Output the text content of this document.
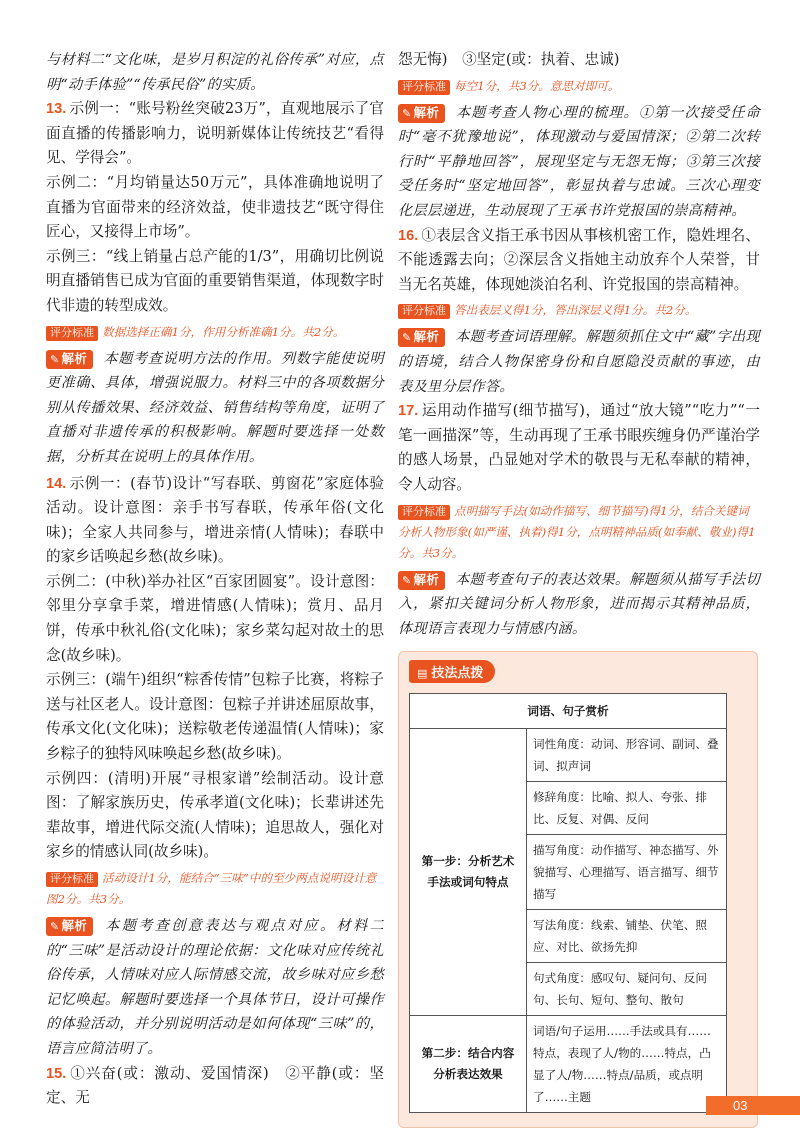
与材料二“文化味，是岁月积淀的礼俗传承”对应，点明“动手体验”“传承民俗”的实质。

13. 示例一：“账号粉丝突破23万”，直观地展示了官面直播的传播影响力，说明新媒体让传统技艺“看得见、学得会”。

示例二：“月均销量达50万元”，具体准确地说明了直播为官面带来的经济效益，使非遗技艺“既守得住匠心，又接得上市场”。

示例三：“线上销量占总产能的1/3”，用确切比例说明直播销售已成为官面的重要销售渠道，体现数字时代非遗的转型成效。

评分标准 数据选择正确1分，作用分析准确1分。共2分。

✎ 解析 本题考查说明方法的作用。列数字能使说明更准确、具体，增强说服力。材料三中的各项数据分别从传播效果、经济效益、销售结构等角度，证明了直播对非遗传承的积极影响。解题时要选择一处数据，分析其在说明上的具体作用。

14. 示例一：(春节)设计“写春联、剪窗花”家庭体验活动。设计意图：亲手书写春联，传承年俗(文化味)；全家人共同参与，增进亲情(人情味)；春联中的家乡话唤起乡愁(故乡味)。

示例二：(中秋)举办社区“百家团圆宴”。设计意图：邻里分享拿手菜，增进情感(人情味)；赏月、品月饼，传承中秋礼俗(文化味)；家乡菜勾起对故土的思念(故乡味)。

示例三：(端午)组织“粽香传情”包粽子比赛，将粽子送与社区老人。设计意图：包粽子并讲述屈原故事，传承文化(文化味)；送粽敬老传递温情(人情味)；家乡粽子的独特风味唤起乡愁(故乡味)。

示例四：(清明)开展“寻根家谱”绘制活动。设计意图：了解家族历史，传承孝道(文化味)；长辈讲述先辈故事，增进代际交流(人情味)；追思故人，强化对家乡的情感认同(故乡味)。

评分标准 活动设计1分，能结合“三味”中的至少两点说明设计意图2分。共3分。

✎ 解析 本题考查创意表达与观点对应。材料二的“三味”是活动设计的理论依据：文化味对应传统礼俗传承，人情味对应人际情感交流，故乡味对应乡愁记忆唤起。解题时要选择一个具体节日，设计可操作的体验活动，并分别说明活动是如何体现“三味”的，语言应简洁明了。

15. ①兴奋(或：激动、爱国情深)　②平静(或：坚定、无

怨无悔)　③坚定(或：执着、忠诚)

评分标准 每空1分，共3分。意思对即可。

✎ 解析 本题考查人物心理的梳理。①第一次接受任命时“毫不犹豫地说”，体现激动与爱国情深；②第二次转行时“平静地回答”，展现坚定与无怨无悔；③第三次接受任务时“坚定地回答”，彰显执着与忠诚。三次心理变化层层递进，生动展现了王承书许党报国的崇高精神。

16. ①表层含义指王承书因从事核机密工作，隐姓埋名、不能透露去向；②深层含义指她主动放弃个人荣誉，甘当无名英雄，体现她淡泊名利、许党报国的崇高精神。

评分标准 答出表层义得1分，答出深层义得1分。共2分。

✎ 解析 本题考查词语理解。解题须抓住文中“藏”字出现的语境，结合人物保密身份和自愿隐没贡献的事迹，由表及里分层作答。

17. 运用动作描写(细节描写)，通过“放大镜”“吃力”“一笔一画描深”等，生动再现了王承书眼疾缠身仍严谨治学的感人场景，凸显她对学术的敬畏与无私奉献的精神，令人动容。

评分标准 点明描写手法(如动作描写、细节描写)得1分，结合关键词分析人物形象(如严谨、执着)得1分，点明精神品质(如奉献、敬业)得1分。共3分。

✎ 解析 本题考查句子的表达效果。解题须从描写手法切入，紧扣关键词分析人物形象，进而揭示其精神品质，体现语言表现力与情感内涵。

▤ 技法点拨
词语、句子赏析	
第一步：分析艺术手法或词句特点	词性角度：动词、形容词、副词、叠词、拟声词
	修辞角度：比喻、拟人、夸张、排比、反复、对偶、反问
	描写角度：动作描写、神态描写、外貌描写、心理描写、语言描写、细节描写
	写法角度：线索、铺垫、伏笔、照应、对比、欲扬先抑
	句式角度：感叹句、疑问句、反问句、长句、短句、整句、散句
第二步：结合内容分析表达效果	词语/句子运用……手法或具有……特点，表现了人/物的……特点，凸显了人/物……特点/品质，或点明了……主题
03
